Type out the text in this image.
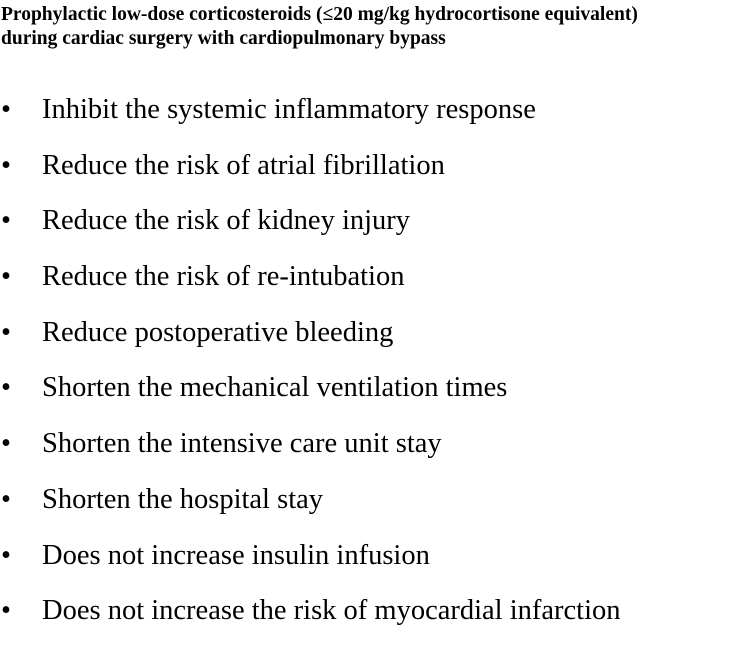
Prophylactic low-dose corticosteroids (≤20 mg/kg hydrocortisone equivalent)
during cardiac surgery with cardiopulmonary bypass
• Inhibit the systemic inflammatory response
• Reduce the risk of atrial fibrillation
• Reduce the risk of kidney injury
• Reduce the risk of re-intubation
• Reduce postoperative bleeding
• Shorten the mechanical ventilation times
• Shorten the intensive care unit stay
• Shorten the hospital stay
• Does not increase insulin infusion
• Does not increase the risk of myocardial infarction
